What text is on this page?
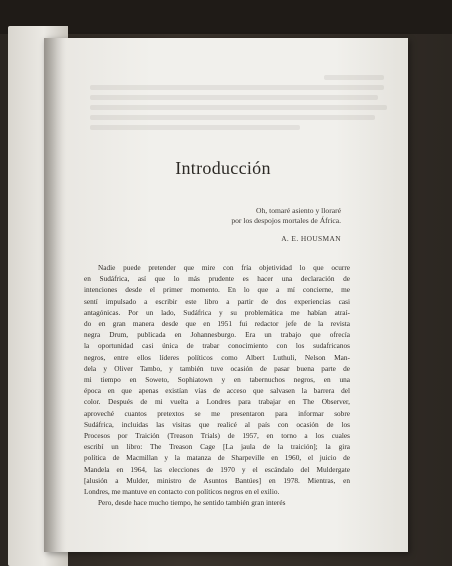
Introducción
Oh, tomaré asiento y lloraré
por los despojos mortales de África.
A. E. HOUSMAN
Nadie puede pretender que mire con fría objetividad lo que ocurre
en Sudáfrica, así que lo más prudente es hacer una declaración de
intenciones desde el primer momento. En lo que a mí concierne, me
sentí impulsado a escribir este libro a partir de dos experiencias casi
antagónicas. Por un lado, Sudáfrica y su problemática me habían atraí-
do en gran manera desde que en 1951 fui redactor jefe de la revista
negra Drum, publicada en Johannesburgo. Era un trabajo que ofrecía
la oportunidad casi única de trabar conocimiento con los sudafricanos
negros, entre ellos líderes políticos como Albert Luthuli, Nelson Man-
dela y Oliver Tambo, y también tuve ocasión de pasar buena parte de
mi tiempo en Soweto, Sophiatown y en tabernuchos negros, en una
época en que apenas existían vías de acceso que salvasen la barrera del
color. Después de mi vuelta a Londres para trabajar en The Observer,
aproveché cuantos pretextos se me presentaron para informar sobre
Sudáfrica, incluidas las visitas que realicé al país con ocasión de los
Procesos por Traición (Treason Trials) de 1957, en torno a los cuales
escribí un libro: The Treason Cage [La jaula de la traición]; la gira
política de Macmillan y la matanza de Sharpeville en 1960, el juicio de
Mandela en 1964, las elecciones de 1970 y el escándalo del Muldergate
[alusión a Mulder, ministro de Asuntos Bantúes] en 1978. Mientras, en
Londres, me mantuve en contacto con políticos negros en el exilio.
Pero, desde hace mucho tiempo, he sentido también gran interés
